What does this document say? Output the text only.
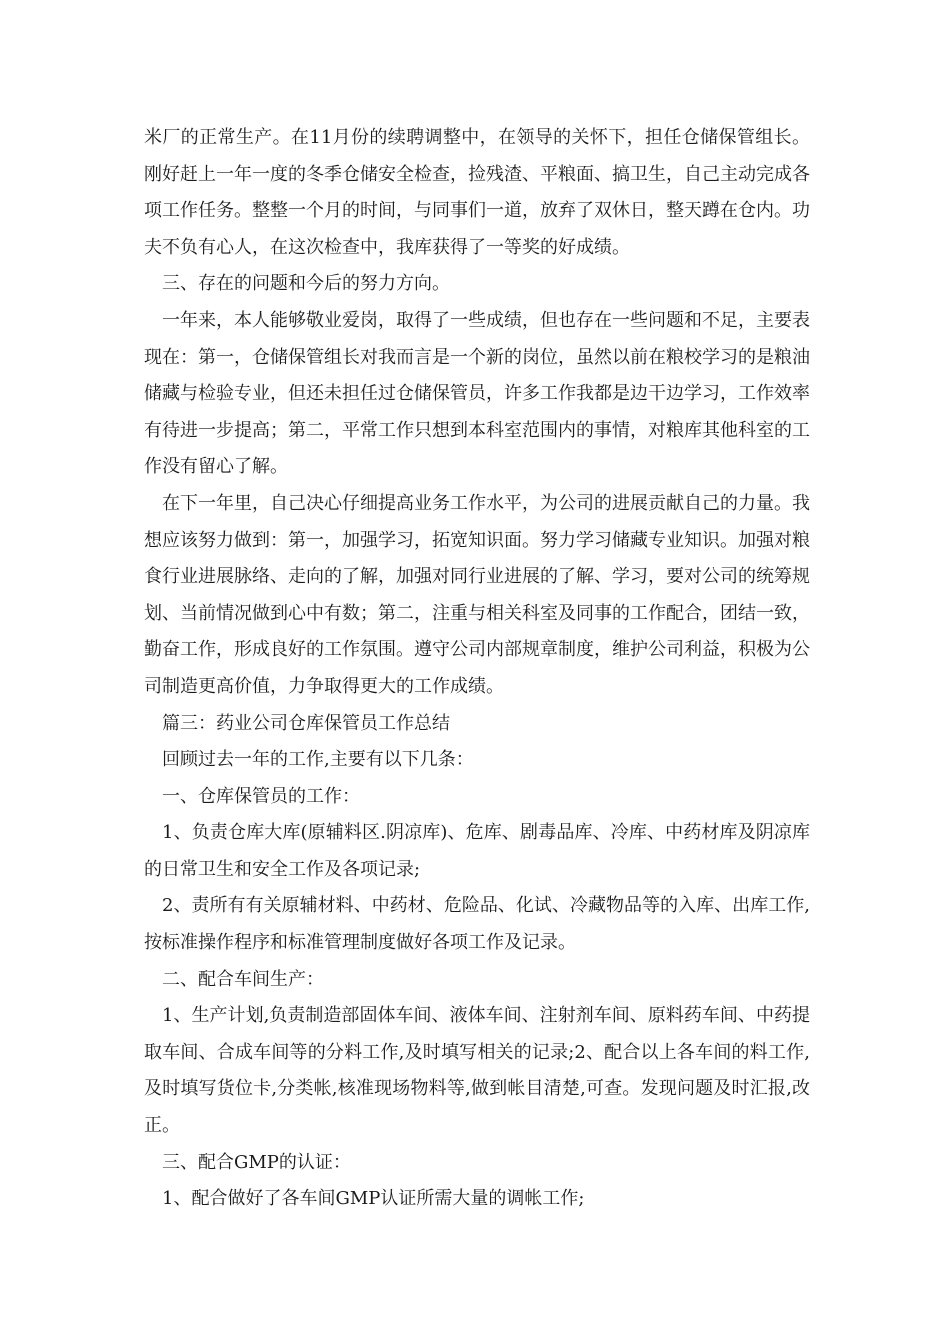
米厂的正常生产。在11月份的续聘调整中，在领导的关怀下，担任仓储保管组长。刚好赶上一年一度的冬季仓储安全检查，捡残渣、平粮面、搞卫生，自己主动完成各项工作任务。整整一个月的时间，与同事们一道，放弃了双休日，整天蹲在仓内。功夫不负有心人，在这次检查中，我库获得了一等奖的好成绩。

三、存在的问题和今后的努力方向。

一年来，本人能够敬业爱岗，取得了一些成绩，但也存在一些问题和不足，主要表现在：第一，仓储保管组长对我而言是一个新的岗位，虽然以前在粮校学习的是粮油储藏与检验专业，但还未担任过仓储保管员，许多工作我都是边干边学习，工作效率有待进一步提高；第二，平常工作只想到本科室范围内的事情，对粮库其他科室的工作没有留心了解。

在下一年里，自己决心仔细提高业务工作水平，为公司的进展贡献自己的力量。我想应该努力做到：第一，加强学习，拓宽知识面。努力学习储藏专业知识。加强对粮食行业进展脉络、走向的了解，加强对同行业进展的了解、学习，要对公司的统筹规划、当前情况做到心中有数；第二，注重与相关科室及同事的工作配合，团结一致，勤奋工作，形成良好的工作氛围。遵守公司内部规章制度，维护公司利益，积极为公司制造更高价值，力争取得更大的工作成绩。

篇三：药业公司仓库保管员工作总结

回顾过去一年的工作,主要有以下几条：

一、仓库保管员的工作：

1、负责仓库大库(原辅料区.阴凉库)、危库、剧毒品库、冷库、中药材库及阴凉库的日常卫生和安全工作及各项记录;

2、责所有有关原辅材料、中药材、危险品、化试、冷藏物品等的入库、出库工作,按标准操作程序和标准管理制度做好各项工作及记录。

二、配合车间生产：

1、生产计划,负责制造部固体车间、液体车间、注射剂车间、原料药车间、中药提取车间、合成车间等的分料工作,及时填写相关的记录;2、配合以上各车间的料工作,及时填写货位卡,分类帐,核准现场物料等,做到帐目清楚,可查。发现问题及时汇报,改正。

三、配合GMP的认证：

1、配合做好了各车间GMP认证所需大量的调帐工作;
